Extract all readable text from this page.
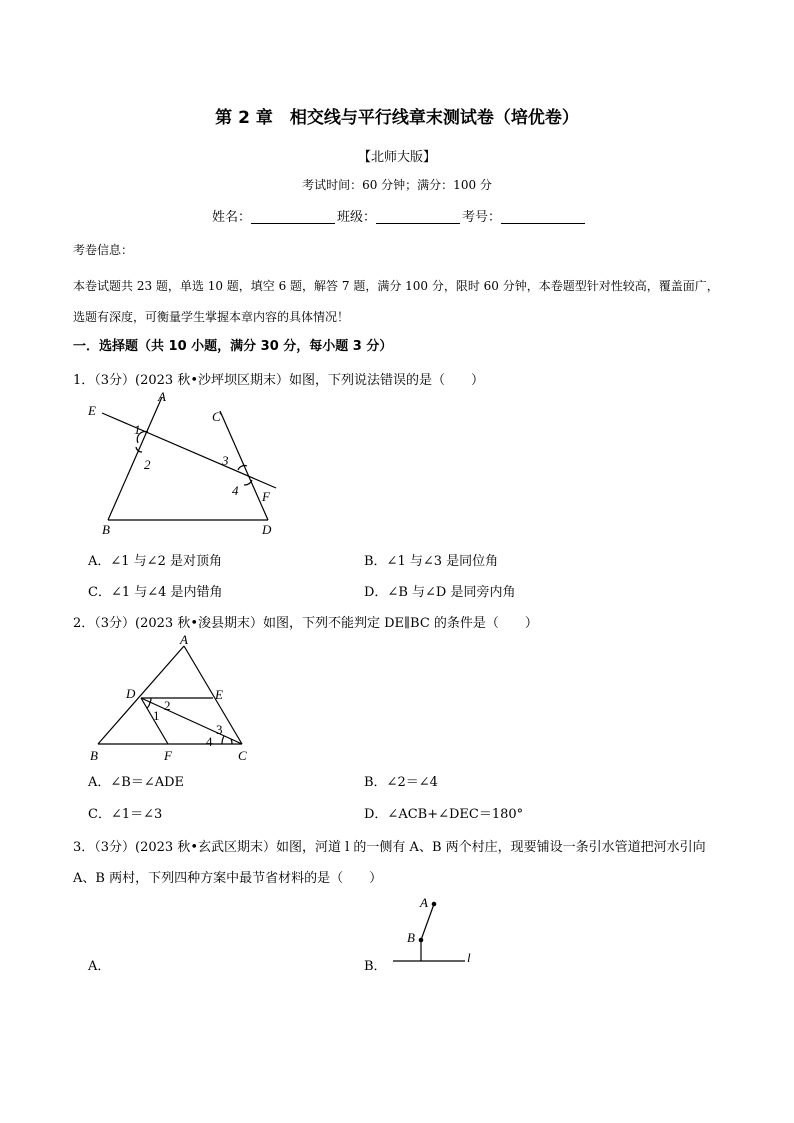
第 2 章　相交线与平行线章末测试卷（培优卷）
【北师大版】
考试时间：60 分钟；满分：100 分
姓名：	班级：	考号：
考卷信息：
本卷试题共 23 题，单选 10 题，填空 6 题，解答 7 题，满分 100 分，限时 60 分钟，本卷题型针对性较高，覆盖面广，选题有深度，可衡量学生掌握本章内容的具体情况！
一．选择题（共 10 小题，满分 30 分，每小题 3 分）
1．（3分）(2023 秋•沙坪坝区期末）如图，下列说法错误的是（　　）
A
C
E
F
B	D
1
2	3
4
A．∠1 与∠2 是对顶角	B．∠1 与∠3 是同位角
C．∠1 与∠4 是内错角	D．∠B 与∠D 是同旁内角
2．（3分）(2023 秋•浚县期末）如图，下列不能判定 DE∥BC 的条件是（　　）
A
D	E
B	F	C
2
1
3
4
A．∠B＝∠ADE	B．∠2＝∠4
C．∠1＝∠3	D．∠ACB+∠DEC＝180°
3．（3分）(2023 秋•玄武区期末）如图，河道 l 的一侧有 A、B 两个村庄，现要铺设一条引水管道把河水引向 A、B 两村，下列四种方案中最节省材料的是（　　）
A．	B．
A
B
l
